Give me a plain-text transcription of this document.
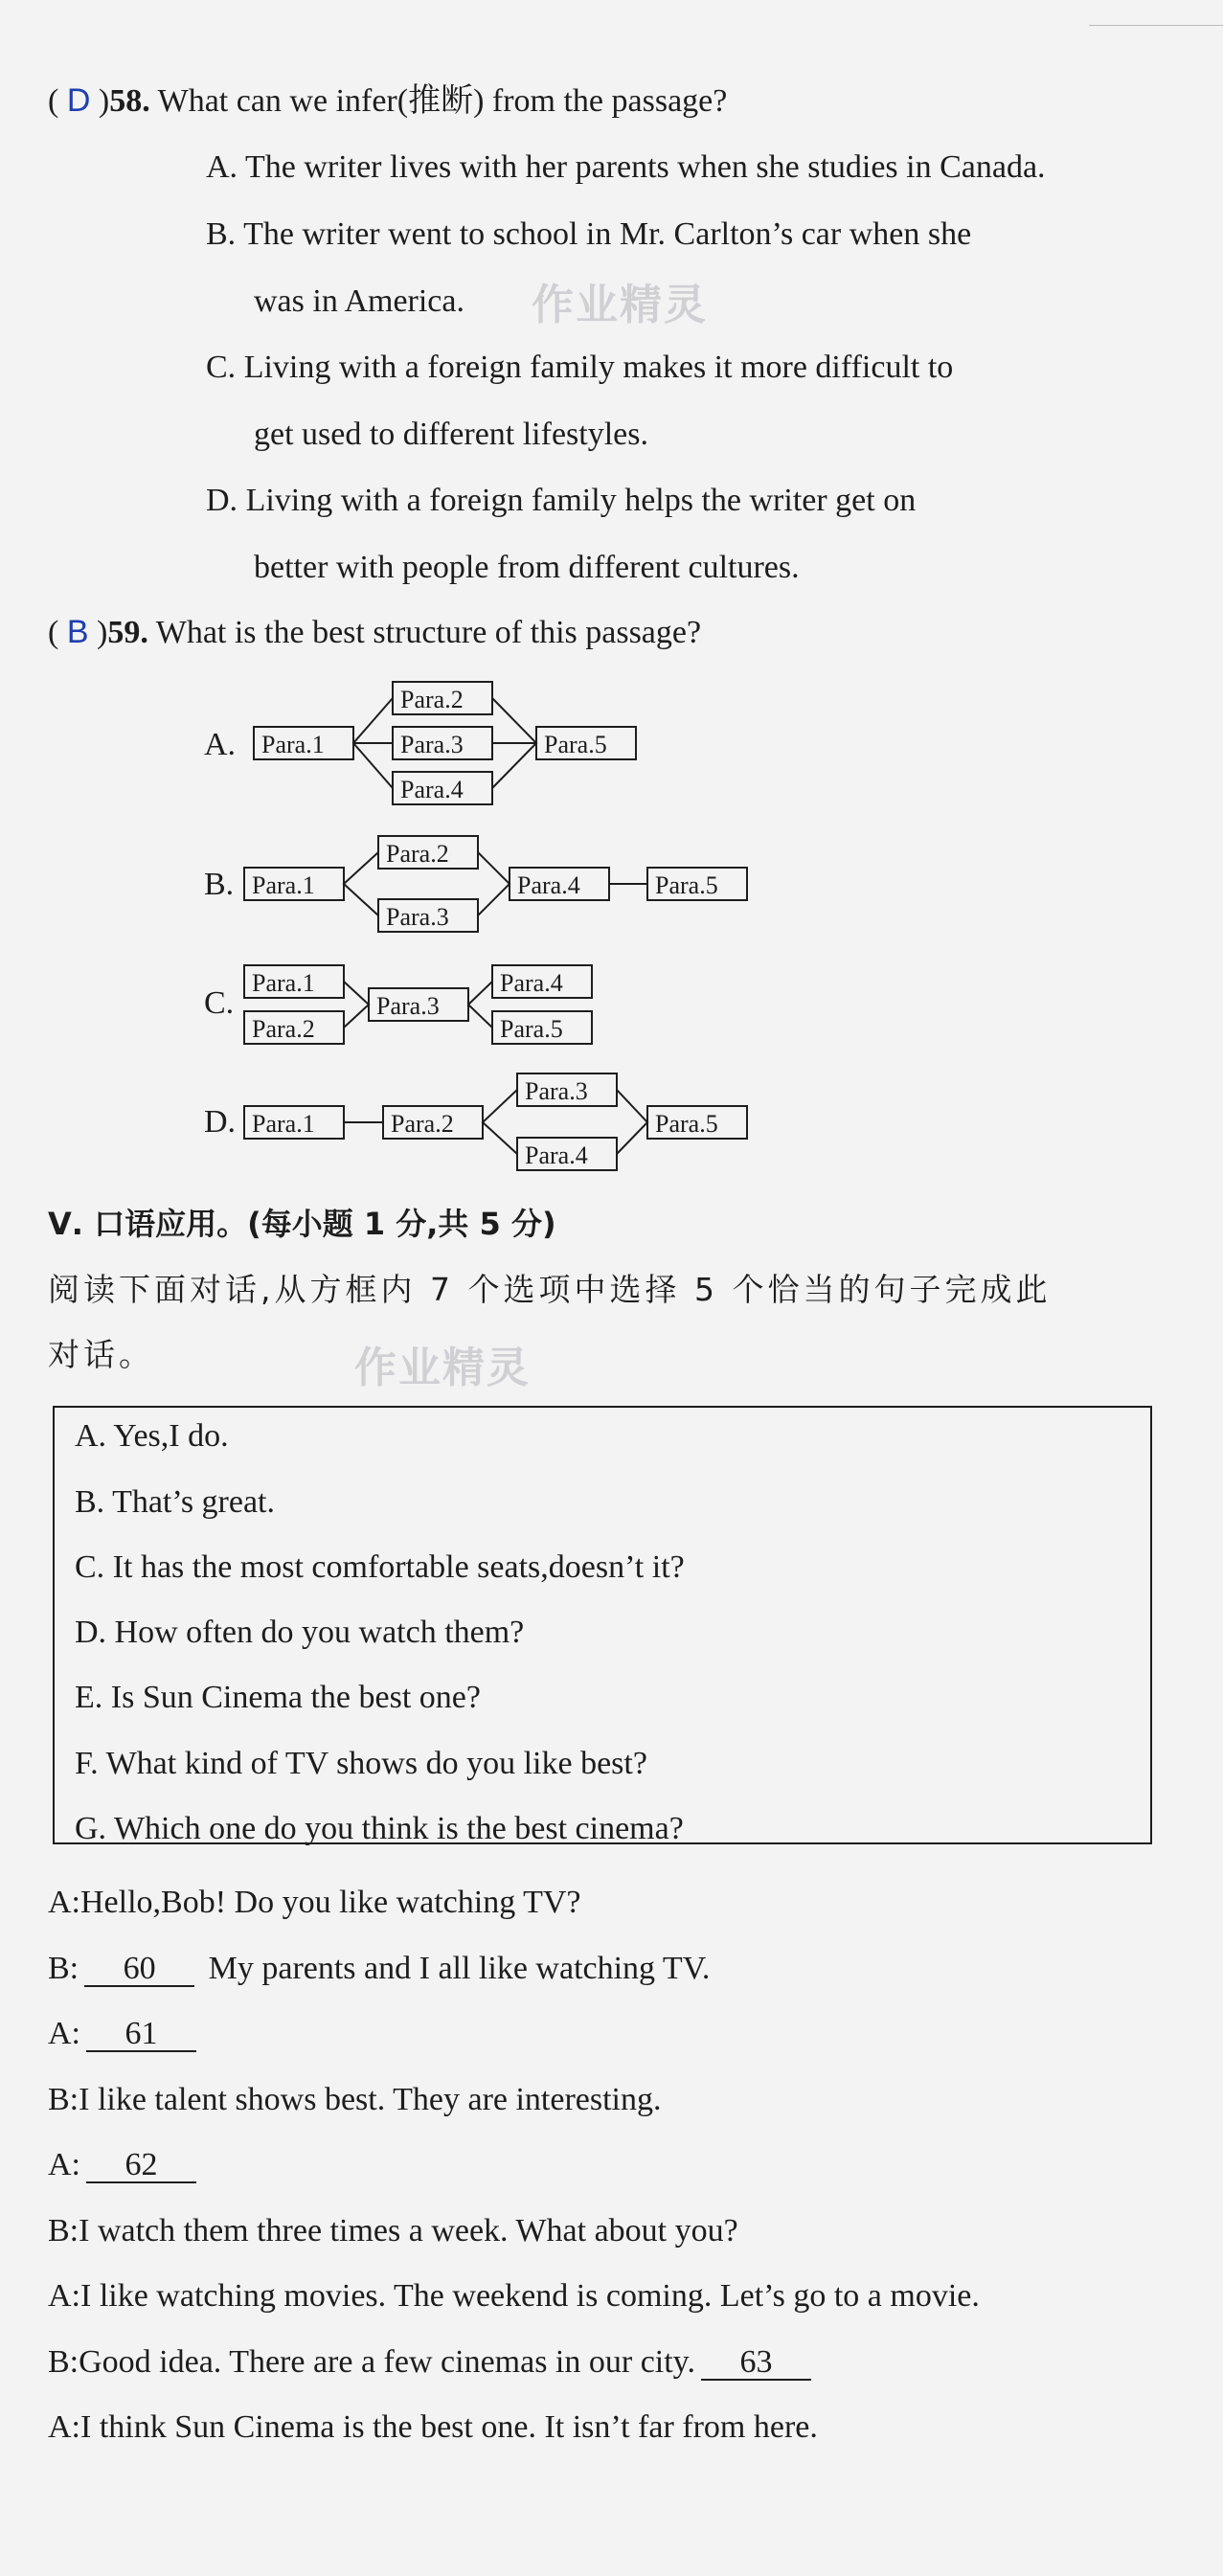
( D )58. What can we infer(推断) from the passage?
A. The writer lives with her parents when she studies in Canada.
B. The writer went to school in Mr. Carlton’s car when she
was in America.
C. Living with a foreign family makes it more difficult to
get used to different lifestyles.
D. Living with a foreign family helps the writer get on
better with people from different cultures.
( B )59. What is the best structure of this passage?
A. Para.1
Para.2
Para.3
Para.4
Para.5
B. Para.1
Para.2
Para.3
Para.4	Para.5
C.
Para.1
Para.2
Para.3
Para.4
Para.5
D. Para.1	Para.2
Para.3
Para.4
Para.5
Ⅴ. 口语应用。(每小题 1 分,共 5 分)
阅读下面对话,从方框内 7 个选项中选择 5 个恰当的句子完成此
对话。
A. Yes,I do.
B. That’s great.
C. It has the most comfortable seats,doesn’t it?
D. How often do you watch them?
E. Is Sun Cinema the best one?
F. What kind of TV shows do you like best?
G. Which one do you think is the best cinema?
A:Hello,Bob! Do you like watching TV?
B: 60 My parents and I all like watching TV.
A: 61
B:I like talent shows best. They are interesting.
A: 62
B:I watch them three times a week. What about you?
A:I like watching movies. The weekend is coming. Let’s go to a movie.
B:Good idea. There are a few cinemas in our city. 63
A:I think Sun Cinema is the best one. It isn’t far from here.
作业精灵
作业精灵
